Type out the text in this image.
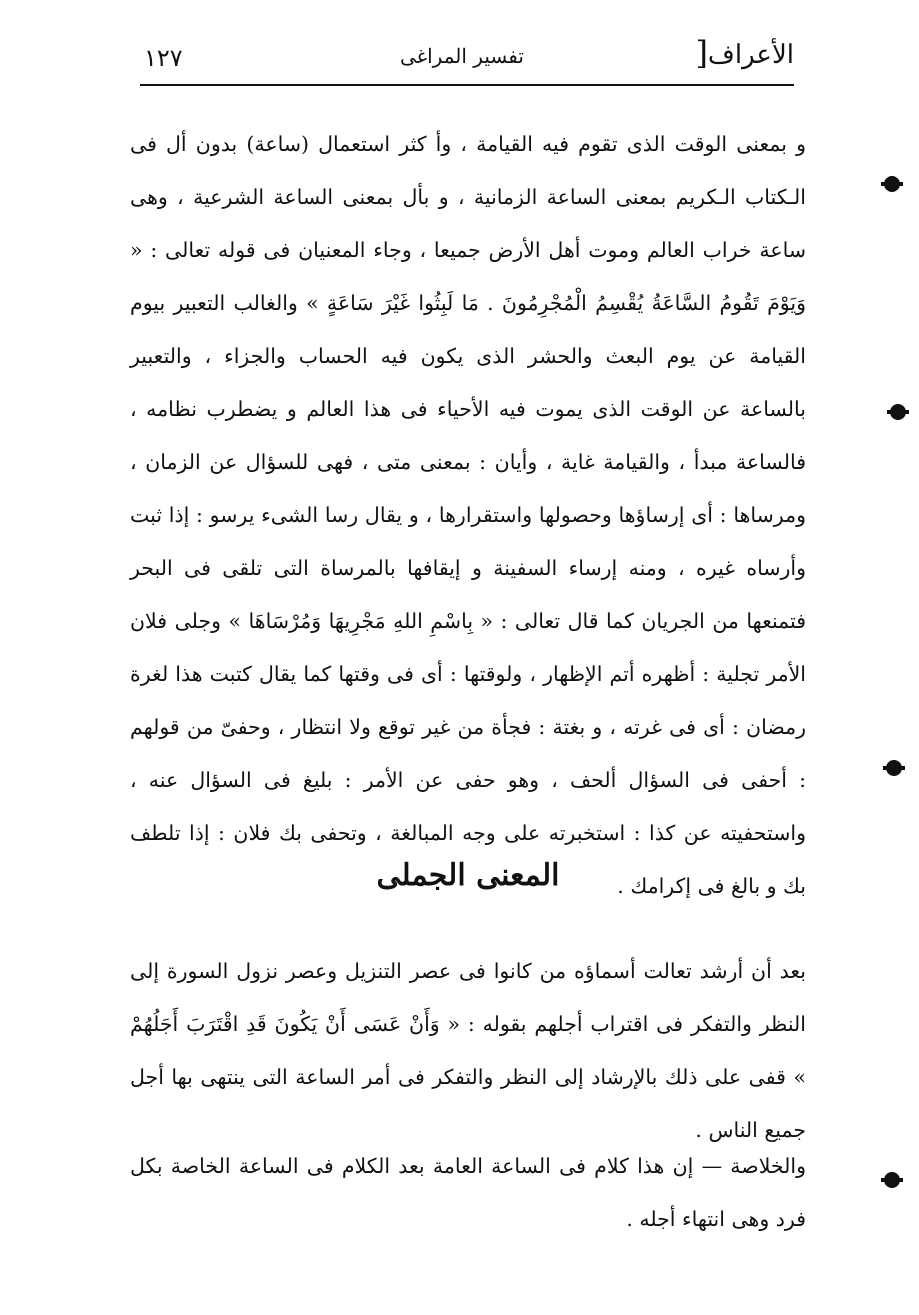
الأعراف
]
تفسير المراغى
١٢٧
و بمعنى الوقت الذى تقوم فيه القيامة ، وأ كثر استعمال (ساعة) بدون أل فى الـكتاب الـكريم بمعنى الساعة الزمانية ، و بأل بمعنى الساعة الشرعية ، وهى ساعة خراب العالم وموت أهل الأرض جميعا ، وجاء المعنيان فى قوله تعالى : « وَيَوْمَ تَقُومُ السَّاعَةُ يُقْسِمُ الْمُجْرِمُونَ . مَا لَبِثُوا غَيْرَ سَاعَةٍ » والغالب التعبير بيوم القيامة عن يوم البعث والحشر الذى يكون فيه الحساب والجزاء ، والتعبير بالساعة عن الوقت الذى يموت فيه الأحياء فى هذا العالم و يضطرب نظامه ، فالساعة مبدأ ، والقيامة غاية ، وأيان : بمعنى متى ، فهى للسؤال عن الزمان ، ومرساها : أى إرساؤها وحصولها واستقرارها ، و يقال رسا الشىء يرسو : إذا ثبت وأرساه غيره ، ومنه إرساء السفينة و إيقافها بالمرساة التى تلقى فى البحر فتمنعها من الجريان كما قال تعالى : « بِاسْمِ اللهِ مَجْرِيهَا وَمُرْسَاهَا » وجلى فلان الأمر تجلية : أظهره أتم الإظهار ، ولوقتها : أى فى وقتها كما يقال كتبت هذا لغرة رمضان : أى فى غرته ، و بغتة : فجأة من غير توقع ولا انتظار ، وحفىّ من قولهم : أحفى فى السؤال ألحف ، وهو حفى عن الأمر : بليغ فى السؤال عنه ، واستحفيته عن كذا : استخبرته على وجه المبالغة ، وتحفى بك فلان : إذا تلطف بك و بالغ فى إكرامك .
المعنى الجملى
بعد أن أرشد تعالت أسماؤه من كانوا فى عصر التنزيل وعصر نزول السورة إلى النظر والتفكر فى اقتراب أجلهم بقوله : « وَأَنْ عَسَى أَنْ يَكُونَ قَدِ اقْتَرَبَ أَجَلُهُمْ » قفى على ذلك بالإرشاد إلى النظر والتفكر فى أمر الساعة التى ينتهى بها أجل جميع الناس .
والخلاصة — إن هذا كلام فى الساعة العامة بعد الكلام فى الساعة الخاصة بكل فرد وهى انتهاء أجله .
